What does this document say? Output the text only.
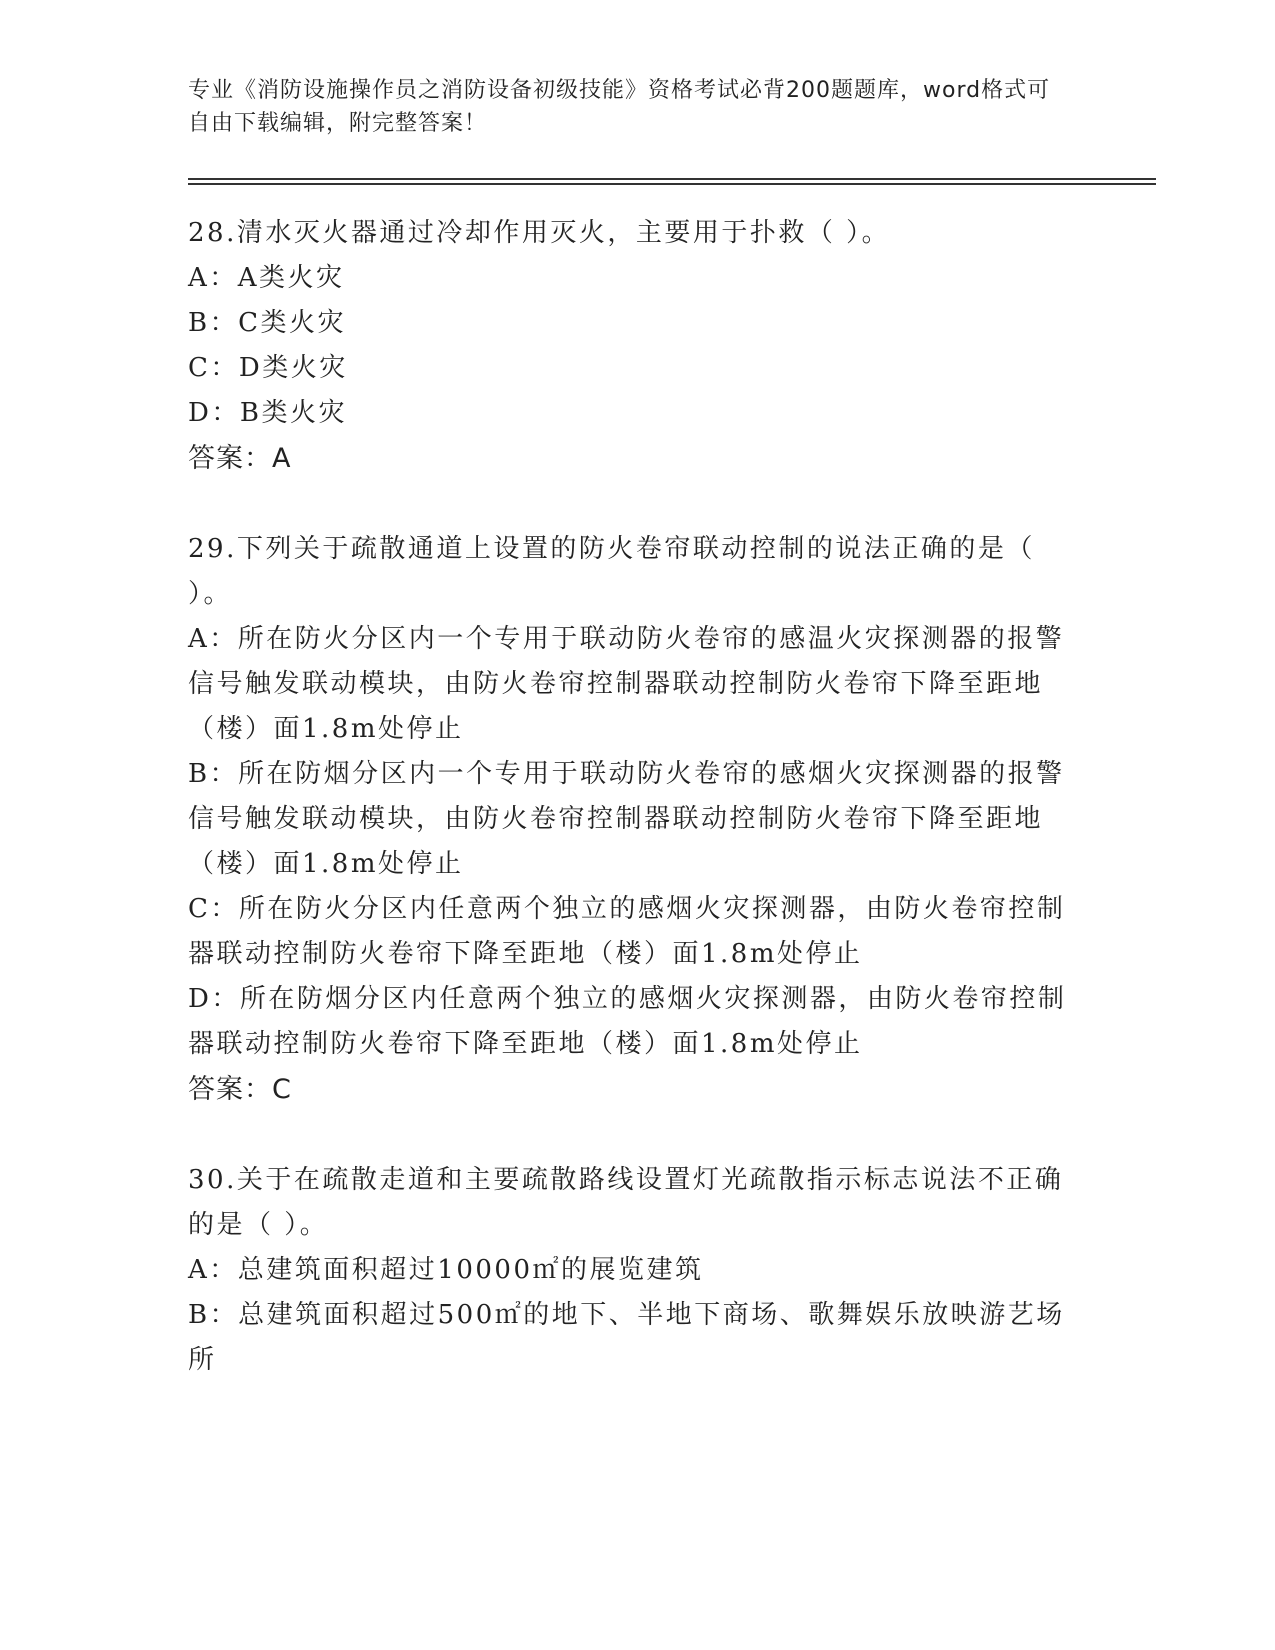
专业《消防设施操作员之消防设备初级技能》资格考试必背200题题库，word格式可自由下载编辑，附完整答案！

28.清水灭火器通过冷却作用灭火，主要用于扑救（ ）。

A：A类火灾

B：C类火灾

C：D类火灾

D：B类火灾

答案：A

29.下列关于疏散通道上设置的防火卷帘联动控制的说法正确的是（ ）。

A：所在防火分区内一个专用于联动防火卷帘的感温火灾探测器的报警信号触发联动模块，由防火卷帘控制器联动控制防火卷帘下降至距地（楼）面1.8m处停止

B：所在防烟分区内一个专用于联动防火卷帘的感烟火灾探测器的报警信号触发联动模块，由防火卷帘控制器联动控制防火卷帘下降至距地（楼）面1.8m处停止

C：所在防火分区内任意两个独立的感烟火灾探测器，由防火卷帘控制器联动控制防火卷帘下降至距地（楼）面1.8m处停止

D：所在防烟分区内任意两个独立的感烟火灾探测器，由防火卷帘控制器联动控制防火卷帘下降至距地（楼）面1.8m处停止

答案：C

30.关于在疏散走道和主要疏散路线设置灯光疏散指示标志说法不正确的是（ ）。

A：总建筑面积超过10000㎡的展览建筑

B：总建筑面积超过500㎡的地下、半地下商场、歌舞娱乐放映游艺场所
